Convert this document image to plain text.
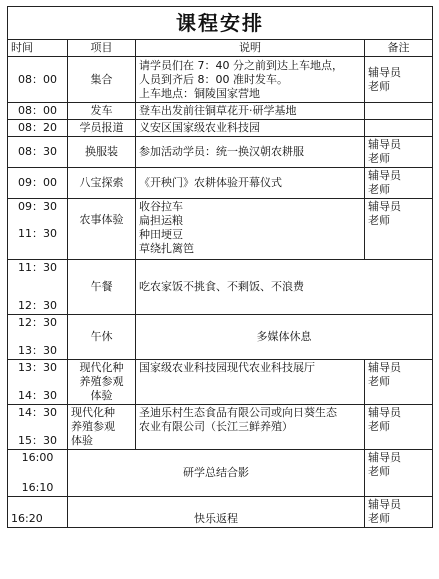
课程安排			
时间	项目	说明	备注
08：00	集合	请学员们在 7：40 分之前到达上车地点，
人员到齐后 8：00 准时发车。
上车地点：铜陵国家营地	辅导员
老师

08：00	发车	登车出发前往铜草花开·研学基地	
08：20	学员报道	义安区国家级农业科技园	
08：30	换服装	参加活动学员：统一换汉朝农耕服	辅导员
老师

09：00	八宝探索	《开秧门》农耕体验开幕仪式	辅导员
老师

09：30
11：30	农事体验	收谷拉车
扁担运粮
种田埂豆
草绕扎篱笆	辅导员
老师

11：30
12：30	午餐	吃农家饭不挑食、不剩饭、不浪费	

12：30
13：30	午休	多媒体休息	

13：30
14：30	现代化种
养殖参观
体验	国家级农业科技园现代农业科技展厅	辅导员
老师

14：30
15：30	现代化种
养殖参观
体验	圣迪乐村生态食品有限公司或向日葵生态
农业有限公司（长江三鲜养殖）	辅导员
老师

16:00
16:10	研学总结合影		辅导员
老师

16:20	快乐返程		辅导员
老师
